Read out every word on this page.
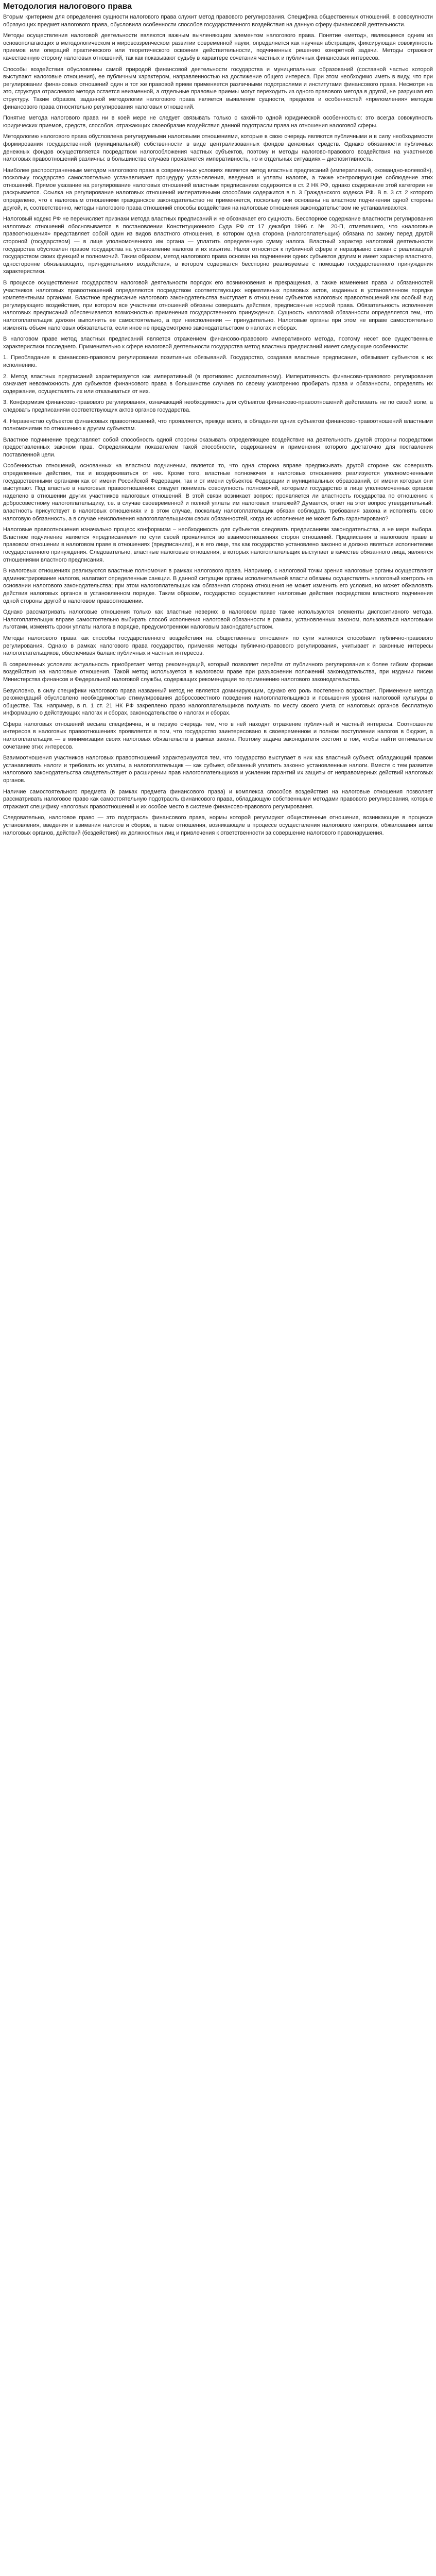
Методология налогового права

Вторым критерием для определения сущности налогового права служит метод правового регулирования. Специфика общественных отношений, в совокупности образующих предмет налогового права, обусловила особенности способов государственного воздействия на данную сферу финансовой деятельности.

Методы осуществления налоговой деятельности являются важным вычленяющим элементом налогового права. Понятие «метод», являющееся одним из основополагающих в методологическом и мировоззренческом развитии современной науки, определяется как научная абстракция, фиксирующая совокупность приемов или операций практического или теоретического освоения действительности, подчиненных решению конкретной задачи. Методы отражают качественную сторону налоговых отношений, так как показывают судьбу в характере сочетания частных и публичных финансовых интересов.

Способы воздействия обусловлены самой природой финансовой деятельности государства и муниципальных образований (составной частью которой выступают налоговые отношения), ее публичным характером, направленностью на достижение общего интереса. При этом необходимо иметь в виду, что при регулировании финансовых отношений один и тот же правовой прием применяется различными подотраслями и институтами финансового права. Несмотря на это, структура отраслевого метода остается неизменной, а отдельные правовые приемы могут переходить из одного правового метода в другой, не разрушая его структуру. Таким образом, заданной методологии налогового права является выявление сущности, пределов и особенностей «преломления» методов финансового права относительно регулирования налоговых отношений.

Понятие метода налогового права ни в коей мере не следует связывать только с какой-то одной юридической особенностью: это всегда совокупность юридических приемов, средств, способов, отражающих своеобразие воздействия данной подотрасли права на отношения налоговой сферы.

Методологию налогового права обусловлена регулируемыми налоговыми отношениями, которые в свою очередь являются публичными и в силу необходимости формирования государственной (муниципальной) собственности в виде централизованных фондов денежных средств. Однако обязанности публичных денежных фондов осуществляется посредством налогообложения частных субъектов, поэтому и методы налогово-правового воздействия на участников налоговых правоотношений различны: в большинстве случаев проявляется императивность, но и отдельных ситуациях – диспозитивность.

Наиболее распространенным методом налогового права в современных условиях является метод властных предписаний (императивный, «командно-волевой»), поскольку государство самостоятельно устанавливает процедуру установления, введения и уплаты налогов, а также контролирующие соблюдение этих отношений. Прямое указание на регулирование налоговых отношений властным предписанием содержится в ст. 2 НК РФ, однако содержание этой категории не раскрывается. Ссылка на регулирование налоговых отношений императивными способами содержится в п. 3 Гражданского кодекса РФ. В п. 3 ст. 2 которого определено, что к налоговым отношениям гражданское законодательство не применяется, поскольку они основаны на властном подчинении одной стороны другой, и, соответственно, методы налогового права отношений способы воздействия на налоговые отношения законодательством не устанавливаются.

Налоговый кодекс РФ не перечисляет признаки метода властных предписаний и не обозначает его сущность. Бесспорное содержание властности регулирования налоговых отношений обосновывается в постановлении Конституционного Суда РФ от 17 декабря 1996 г. № 20-П, отметившего, что «налоговые правоотношения» представляет собой один из видов властного отношения, в котором одна сторона (налогоплательщик) обязана по закону перед другой стороной (государством) — в лице уполномоченного им органа — уплатить определенную сумму налога. Властный характер налоговой деятельности государства обусловлен правом государства на установление налогов и их изъятие. Налог относится к публичной сфере и неразрывно связан с реализацией государством своих функций и полномочий. Таким образом, метод налогового права основан на подчинении одних субъектов другим и имеет характер властного, односторонне обязывающего, принудительного воздействия, в котором содержатся бесспорно реализуемые с помощью государственного принуждения характеристики.

В процессе осуществления государством налоговой деятельности порядок его возникновения и прекращения, а также изменения права и обязанностей участников налоговых правоотношений определяются посредством соответствующих нормативных правовых актов, изданных в установленном порядке компетентными органами. Властное предписание налогового законодательства выступает в отношении субъектов налоговых правоотношений как особый вид регулирующего воздействия, при котором все участники отношений обязаны совершать действия, предписанные нормой права. Обязательность исполнения налоговых предписаний обеспечивается возможностью применения государственного принуждения. Сущность налоговой обязанности определяется тем, что налогоплательщик должен выполнить ее самостоятельно, а при неисполнении — принудительно. Налоговые органы при этом не вправе самостоятельно изменять объем налоговых обязательств, если иное не предусмотрено законодательством о налогах и сборах.

В налоговом праве метод властных предписаний является отражением финансово-правового императивного метода, поэтому несет все существенные характеристики последнего. Применительно к сфере налоговой деятельности государства метод властных предписаний имеет следующие особенности:

1. Преобладание в финансово-правовом регулировании позитивных обязываний. Государство, создавая властные предписания, обязывает субъектов к их исполнению.

2. Метод властных предписаний характеризуется как императивный (в противовес диспозитивному). Императивность финансово-правового регулирования означает невозможность для субъектов финансового права в большинстве случаев по своему усмотрению пробирать права и обязанности, определять их содержание, осуществлять их или отказываться от них.

3. Конформизм финансово-правового регулирования, означающий необходимость для субъектов финансово-правоотношений действовать не по своей воле, а следовать предписаниям соответствующих актов органов государства.

4. Неравенство субъектов финансовых правоотношений, что проявляется, прежде всего, в обладании одних субъектов финансово-правоотношений властными полномочиями по отношению к другим субъектам.

Властное подчинение представляет собой способность одной стороны оказывать определяющее воздействие на деятельность другой стороны посредством предоставленных законом прав. Определяющим показателем такой способности, содержанием и применения которого достаточно для поставления поставленной цели.

Особенностью отношений, основанных на властном подчинении, является то, что одна сторона вправе предписывать другой стороне как совершать определенные действия, так и воздерживаться от них. Кроме того, властные полномочия в налоговых отношениях реализуются уполномоченными государственными органами как от имени Российской Федерации, так и от имени субъектов Федерации и муниципальных образований, от имени которых они выступают. Под властью в налоговых правоотношениях следует понимать совокупность полномочий, которыми государство в лице уполномоченных органов наделено в отношении других участников налоговых отношений. В этой связи возникает вопрос: проявляется ли властность государства по отношению к добросовестному налогоплательщику, т.е. в случае своевременной и полной уплаты им налоговых платежей? Думается, ответ на этот вопрос утвердительный: властность присутствует в налоговых отношениях и в этом случае, поскольку налогоплательщик обязан соблюдать требования закона и исполнять свою налоговую обязанность, а в случае неисполнения налогоплательщиком своих обязанностей, когда их исполнение не может быть гарантировано?

Налоговые правоотношения изначально процесс конформизм – необходимость для субъектов следовать предписаниям законодательства, а не мере выбора. Властное подчинение является «предписанием» по сути своей проявляется во взаимоотношениях сторон отношений. Предписания в налоговом праве в правовом отношении в налоговом праве в отношениях (предписаниях), и в его лице, так как государство установлено законно и должно являться исполнителем государственного принуждения. Следовательно, властные налоговые отношения, в которых налогоплательщик выступает в качестве обязанного лица, являются отношениями властного предписания.

В налоговых отношениях реализуются властные полномочия в рамках налогового права. Например, с налоговой точки зрения налоговые органы осуществляют администрирование налогов, налагают определенные санкции. В данной ситуации органы исполнительной власти обязаны осуществлять налоговый контроль на основании налогового законодательства; при этом налогоплательщик как обязанная сторона отношения не может изменить его условия, но может обжаловать действия налоговых органов в установленном порядке. Таким образом, государство осуществляет налоговые действия посредством властного подчинения одной стороны другой в налоговом правоотношении.

Однако рассматривать налоговые отношения только как властные неверно: в налоговом праве также используются элементы диспозитивного метода. Налогоплательщик вправе самостоятельно выбирать способ исполнения налоговой обязанности в рамках, установленных законом, пользоваться налоговыми льготами, изменять сроки уплаты налога в порядке, предусмотренном налоговым законодательством.

Методы налогового права как способы государственного воздействия на общественные отношения по сути являются способами публично-правового регулирования. Однако в рамках налогового права государство, применяя методы публично-правового регулирования, учитывает и законные интересы налогоплательщиков, обеспечивая баланс публичных и частных интересов.

В современных условиях актуальность приобретает метод рекомендаций, который позволяет перейти от публичного регулирования к более гибким формам воздействия на налоговые отношения. Такой метод используется в налоговом праве при разъяснении положений законодательства, при издании писем Министерства финансов и Федеральной налоговой службы, содержащих рекомендации по применению налогового законодательства.

Безусловно, в силу специфики налогового права названный метод не является доминирующим, однако его роль постепенно возрастает. Применение метода рекомендаций обусловлено необходимостью стимулирования добросовестного поведения налогоплательщиков и повышения уровня налоговой культуры в обществе. Так, например, в п. 1 ст. 21 НК РФ закреплено право налогоплательщиков получать по месту своего учета от налоговых органов бесплатную информацию о действующих налогах и сборах, законодательстве о налогах и сборах.

Сфера налоговых отношений весьма специфична, и в первую очередь тем, что в ней находят отражение публичный и частный интересы. Соотношение интересов в налоговых правоотношениях проявляется в том, что государство заинтересовано в своевременном и полном поступлении налогов в бюджет, а налогоплательщик — в минимизации своих налоговых обязательств в рамках закона. Поэтому задача законодателя состоит в том, чтобы найти оптимальное сочетание этих интересов.

Взаимоотношения участников налоговых правоотношений характеризуются тем, что государство выступает в них как властный субъект, обладающий правом устанавливать налоги и требовать их уплаты, а налогоплательщик — как субъект, обязанный уплатить законно установленные налоги. Вместе с тем развитие налогового законодательства свидетельствует о расширении прав налогоплательщиков и усилении гарантий их защиты от неправомерных действий налоговых органов.

Наличие самостоятельного предмета (в рамках предмета финансового права) и комплекса способов воздействия на налоговые отношения позволяет рассматривать налоговое право как самостоятельную подотрасль финансового права, обладающую собственными методами правового регулирования, которые отражают специфику налоговых правоотношений и их особое место в системе финансово-правового регулирования.

Следовательно, налоговое право — это подотрасль финансового права, нормы которой регулируют общественные отношения, возникающие в процессе установления, введения и взимания налогов и сборов, а также отношения, возникающие в процессе осуществления налогового контроля, обжалования актов налоговых органов, действий (бездействия) их должностных лиц и привлечения к ответственности за совершение налогового правонарушения.
